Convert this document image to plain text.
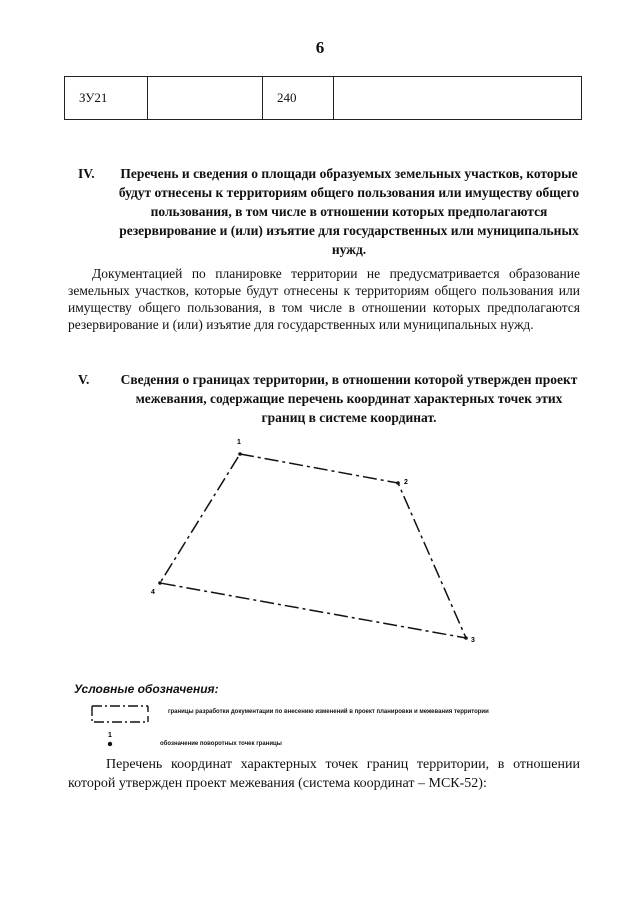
6
ЗУ21		240	
IV.	Перечень и сведения о площади образуемых земельных участков, которые будут отнесены к территориям общего пользования или имуществу общего пользования, в том числе в отношении которых предполагаются резервирование и (или) изъятие для государственных или муниципальных нужд.
Документацией по планировке территории не предусматривается образование земельных участков, которые будут отнесены к территориям общего пользования или имуществу общего пользования, в том числе в отношении которых предполагаются резервирование и (или) изъятие для государственных или муниципальных нужд.
V.	Сведения о границах территории, в отношении которой утвержден проект межевания, содержащие перечень координат характерных точек этих границ в системе координат.
1
2
3
4
1
Условные обозначения:
границы разработки документации по внесению изменений в проект планировки и межевания территории
обозначение поворотных точек границы
Перечень координат характерных точек границ территории, в отношении которой утвержден проект межевания (система координат – МСК-52):
